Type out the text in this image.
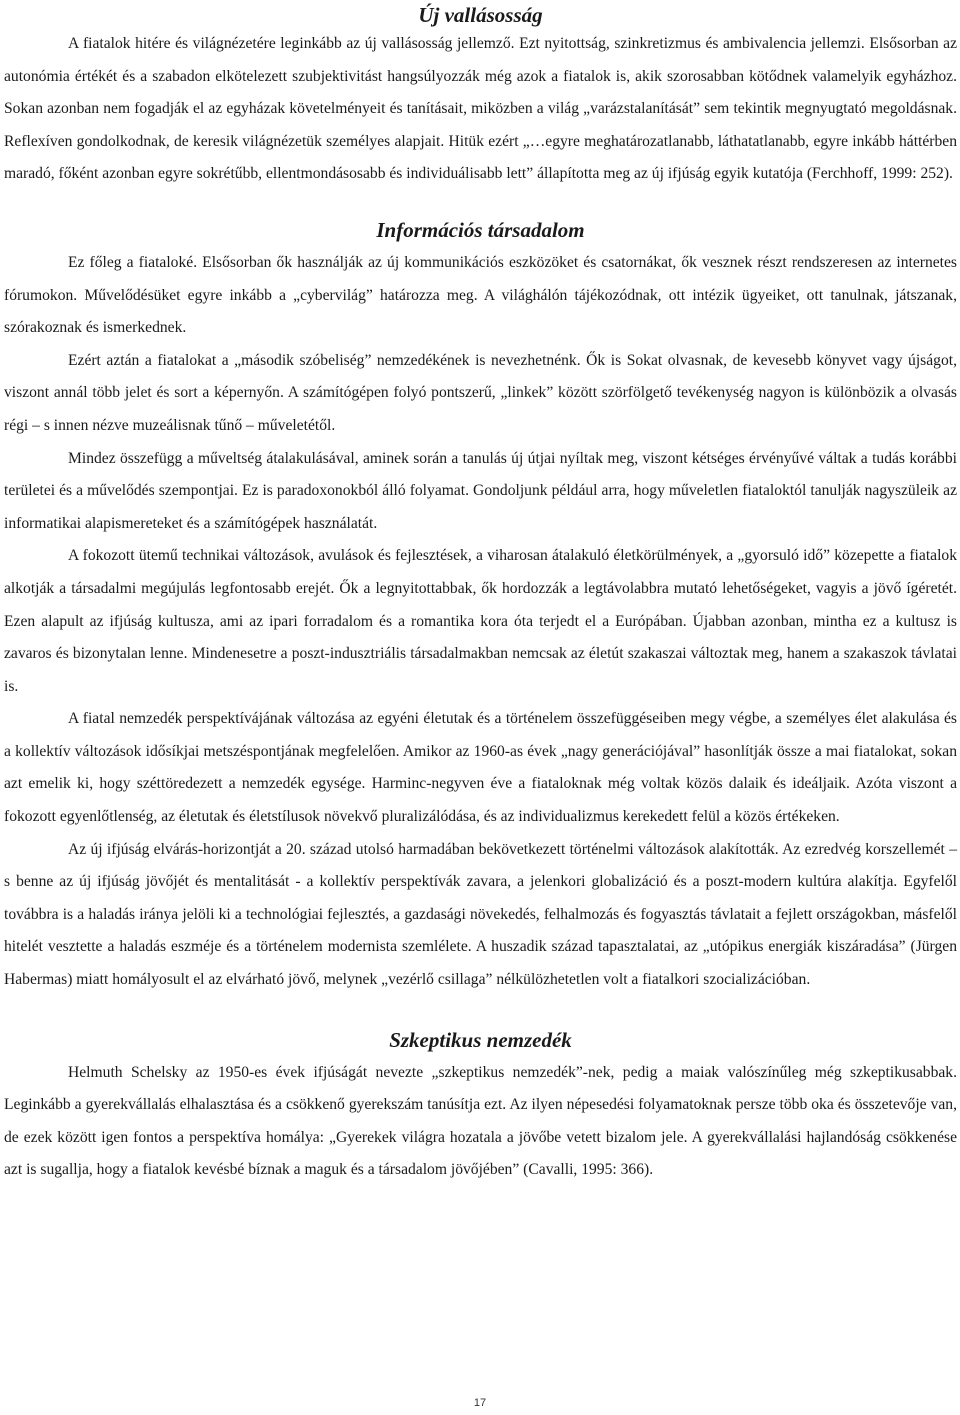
Új vallásosság

A fiatalok hitére és világnézetére leginkább az új vallásosság jellemző. Ezt nyitottság, szinkretizmus és ambivalencia jellemzi. Elsősorban az autonómia értékét és a szabadon elkötelezett szubjektivitást hangsúlyozzák még azok a fiatalok is, akik szorosabban kötődnek valamelyik egyházhoz. Sokan azonban nem fogadják el az egyházak követelményeit és tanításait, miközben a világ „varázstalanítását” sem tekintik megnyugtató megoldásnak. Reflexíven gondolkodnak, de keresik világnézetük személyes alapjait. Hitük ezért „…egyre meghatározatlanabb, láthatatlanabb, egyre inkább háttérben maradó, főként azonban egyre sokrétűbb, ellentmondásosabb és individuálisabb lett” állapította meg az új ifjúság egyik kutatója (Ferchhoff, 1999: 252).

Információs társadalom

Ez főleg a fiataloké. Elsősorban ők használják az új kommunikációs eszközöket és csatornákat, ők vesznek részt rendszeresen az internetes fórumokon. Művelődésüket egyre inkább a „cybervilág” határozza meg. A világhálón tájékozódnak, ott intézik ügyeiket, ott tanulnak, játszanak, szórakoznak és ismerkednek.

Ezért aztán a fiatalokat a „második szóbeliség” nemzedékének is nevezhetnénk. Ők is Sokat olvasnak, de kevesebb könyvet vagy újságot, viszont annál több jelet és sort a képernyőn. A számítógépen folyó pontszerű, „linkek” között szörfölgető tevékenység nagyon is különbözik a olvasás régi – s innen nézve muzeálisnak tűnő – műveletétől.

Mindez összefügg a műveltség átalakulásával, aminek során a tanulás új útjai nyíltak meg, viszont kétséges érvényűvé váltak a tudás korábbi területei és a művelődés szempontjai. Ez is paradoxonokból álló folyamat. Gondoljunk például arra, hogy műveletlen fiataloktól tanulják nagyszüleik az informatikai alapismereteket és a számítógépek használatát.

A fokozott ütemű technikai változások, avulások és fejlesztések, a viharosan átalakuló életkörülmények, a „gyorsuló idő” közepette a fiatalok alkotják a társadalmi megújulás legfontosabb erejét. Ők a legnyitottabbak, ők hordozzák a legtávolabbra mutató lehetőségeket, vagyis a jövő ígéretét. Ezen alapult az ifjúság kultusza, ami az ipari forradalom és a romantika kora óta terjedt el a Európában. Újabban azonban, mintha ez a kultusz is zavaros és bizonytalan lenne. Mindenesetre a poszt-indusztriális társadalmakban nemcsak az életút szakaszai változtak meg, hanem a szakaszok távlatai is.

A fiatal nemzedék perspektívájának változása az egyéni életutak és a történelem összefüggéseiben megy végbe, a személyes élet alakulása és a kollektív változások idősíkjai metszéspontjának megfelelően. Amikor az 1960-as évek „nagy generációjával” hasonlítják össze a mai fiatalokat, sokan azt emelik ki, hogy széttöredezett a nemzedék egysége. Harminc-negyven éve a fiataloknak még voltak közös dalaik és ideáljaik. Azóta viszont a fokozott egyenlőtlenség, az életutak és életstílusok növekvő pluralizálódása, és az individualizmus kerekedett felül a közös értékeken.

Az új ifjúság elvárás-horizontját a 20. század utolsó harmadában bekövetkezett történelmi változások alakították. Az ezredvég korszellemét – s benne az új ifjúság jövőjét és mentalitását - a kollektív perspektívák zavara, a jelenkori globalizáció és a poszt-modern kultúra alakítja. Egyfelől továbbra is a haladás iránya jelöli ki a technológiai fejlesztés, a gazdasági növekedés, felhalmozás és fogyasztás távlatait a fejlett országokban, másfelől hitelét vesztette a haladás eszméje és a történelem modernista szemlélete. A huszadik század tapasztalatai, az „utópikus energiák kiszáradása” (Jürgen Habermas) miatt homályosult el az elvárható jövő, melynek „vezérlő csillaga” nélkülözhetetlen volt a fiatalkori szocializációban.

Szkeptikus nemzedék

Helmuth Schelsky az 1950-es évek ifjúságát nevezte „szkeptikus nemzedék”-nek, pedig a maiak valószínűleg még szkeptikusabbak. Leginkább a gyerekvállalás elhalasztása és a csökkenő gyerekszám tanúsítja ezt. Az ilyen népesedési folyamatoknak persze több oka és összetevője van, de ezek között igen fontos a perspektíva homálya: „Gyerekek világra hozatala a jövőbe vetett bizalom jele. A gyerekvállalási hajlandóság csökkenése azt is sugallja, hogy a fiatalok kevésbé bíznak a maguk és a társadalom jövőjében” (Cavalli, 1995: 366).

17
